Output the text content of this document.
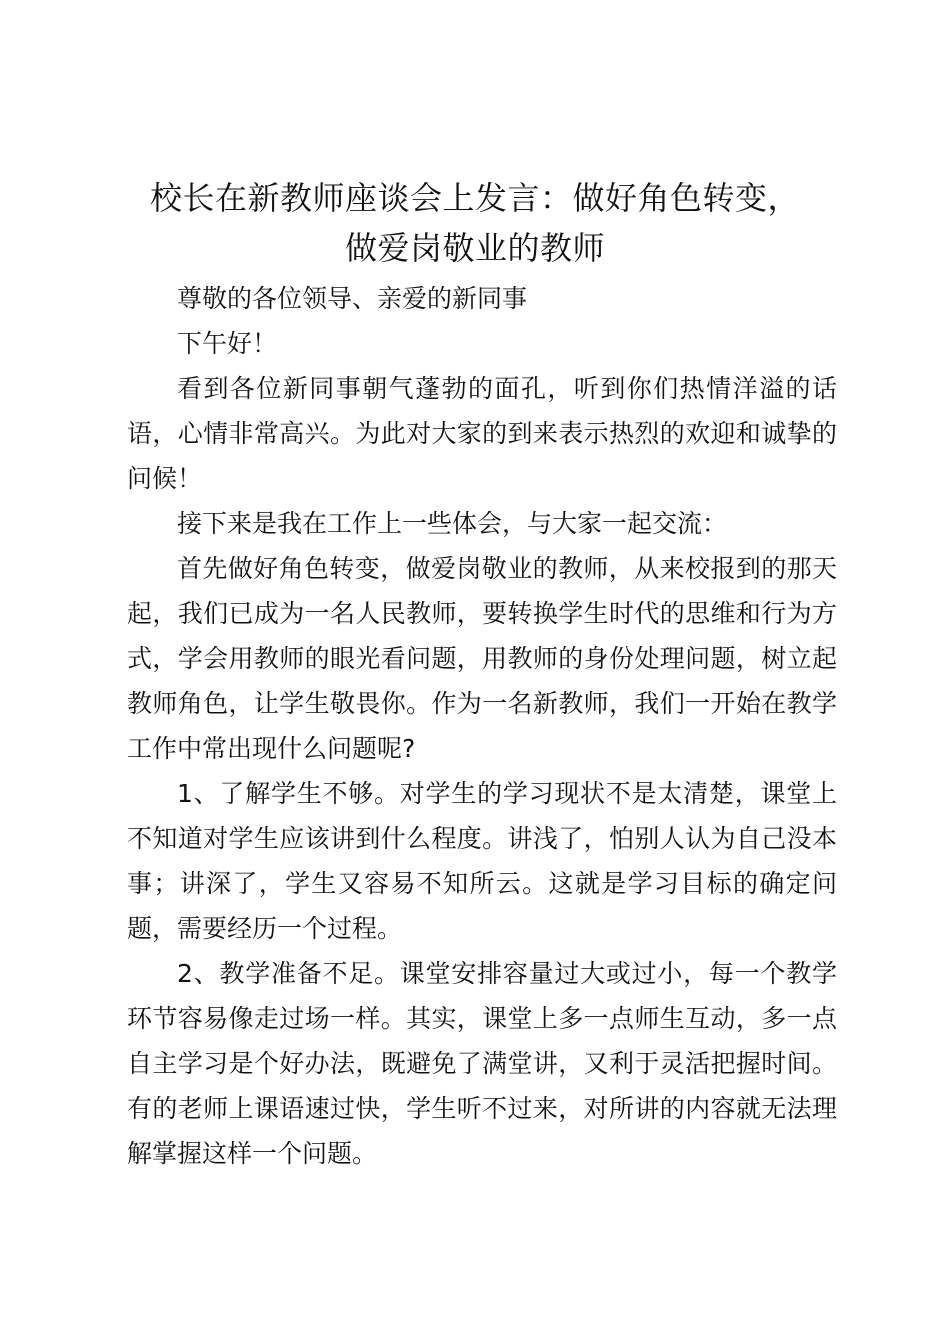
校长在新教师座谈会上发言：做好角色转变，
做爱岗敬业的教师

尊敬的各位领导、亲爱的新同事

下午好！

看到各位新同事朝气蓬勃的面孔，听到你们热情洋溢的话语，心情非常高兴。为此对大家的到来表示热烈的欢迎和诚挚的问候！

接下来是我在工作上一些体会，与大家一起交流：

首先做好角色转变，做爱岗敬业的教师，从来校报到的那天起，我们已成为一名人民教师，要转换学生时代的思维和行为方式，学会用教师的眼光看问题，用教师的身份处理问题，树立起教师角色，让学生敬畏你。作为一名新教师，我们一开始在教学工作中常出现什么问题呢?

1、了解学生不够。对学生的学习现状不是太清楚，课堂上不知道对学生应该讲到什么程度。讲浅了，怕别人认为自己没本事；讲深了，学生又容易不知所云。这就是学习目标的确定问题，需要经历一个过程。

2、教学准备不足。课堂安排容量过大或过小，每一个教学环节容易像走过场一样。其实，课堂上多一点师生互动，多一点自主学习是个好办法，既避免了满堂讲，又利于灵活把握时间。有的老师上课语速过快，学生听不过来，对所讲的内容就无法理解掌握这样一个问题。
